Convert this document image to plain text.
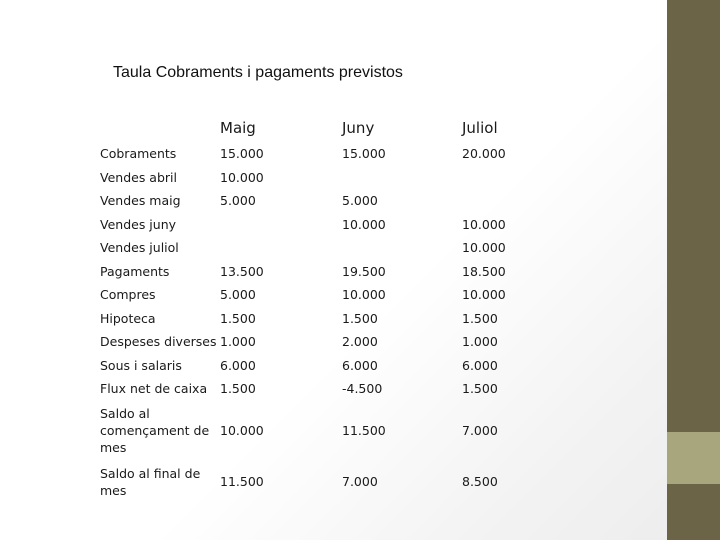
Taula Cobraments i pagaments previstos
	Maig	Juny	Juliol
Cobraments	15.000	15.000	20.000
Vendes abril	10.000		
Vendes maig	5.000	5.000	
Vendes juny		10.000	10.000
Vendes juliol			10.000
Pagaments	13.500	19.500	18.500
Compres	5.000	10.000	10.000
Hipoteca	1.500	1.500	1.500
Despeses diverses	1.000	2.000	1.000
Sous i salaris	6.000	6.000	6.000
Flux net de caixa	1.500	-4.500	1.500
Saldo al començament de mes	10.000	11.500	7.000
Saldo al final de mes	11.500	7.000	8.500
